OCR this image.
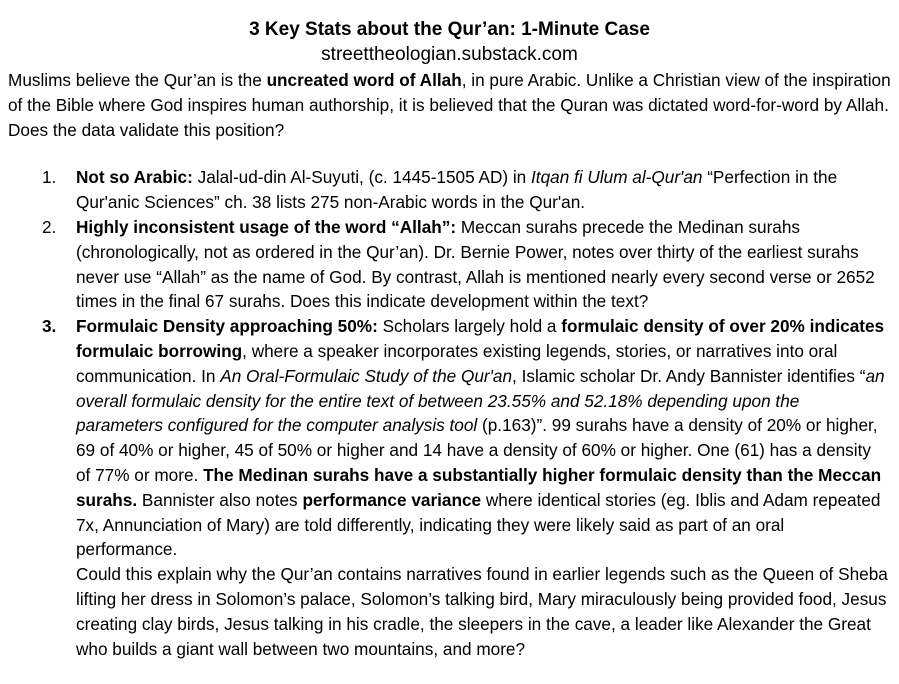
3 Key Stats about the Qur’an: 1-Minute Case
streettheologian.substack.com

Muslims believe the Qur’an is the uncreated word of Allah, in pure Arabic. Unlike a Christian view of the inspiration of the Bible where God inspires human authorship, it is believed that the Quran was dictated word-for-word by Allah. Does the data validate this position?

1. Not so Arabic: Jalal-ud-din Al-Suyuti, (c. 1445-1505 AD) in Itqan fi Ulum al-Qur'an “Perfection in the Qur'anic Sciences” ch. 38 lists 275 non-Arabic words in the Qur'an.
2. Highly inconsistent usage of the word “Allah”: Meccan surahs precede the Medinan surahs (chronologically, not as ordered in the Qur’an). Dr. Bernie Power, notes over thirty of the earliest surahs never use “Allah” as the name of God. By contrast, Allah is mentioned nearly every second verse or 2652 times in the final 67 surahs. Does this indicate development within the text?
3. Formulaic Density approaching 50%: Scholars largely hold a formulaic density of over 20% indicates formulaic borrowing, where a speaker incorporates existing legends, stories, or narratives into oral communication. In An Oral-Formulaic Study of the Qur'an, Islamic scholar Dr. Andy Bannister identifies “an overall formulaic density for the entire text of between 23.55% and 52.18% depending upon the parameters configured for the computer analysis tool (p.163)”. 99 surahs have a density of 20% or higher, 69 of 40% or higher, 45 of 50% or higher and 14 have a density of 60% or higher. One (61) has a density of 77% or more. The Medinan surahs have a substantially higher formulaic density than the Meccan surahs. Bannister also notes performance variance where identical stories (eg. Iblis and Adam repeated 7x, Annunciation of Mary) are told differently, indicating they were likely said as part of an oral performance.

Could this explain why the Qur’an contains narratives found in earlier legends such as the Queen of Sheba lifting her dress in Solomon’s palace, Solomon’s talking bird, Mary miraculously being provided food, Jesus creating clay birds, Jesus talking in his cradle, the sleepers in the cave, a leader like Alexander the Great who builds a giant wall between two mountains, and more?
